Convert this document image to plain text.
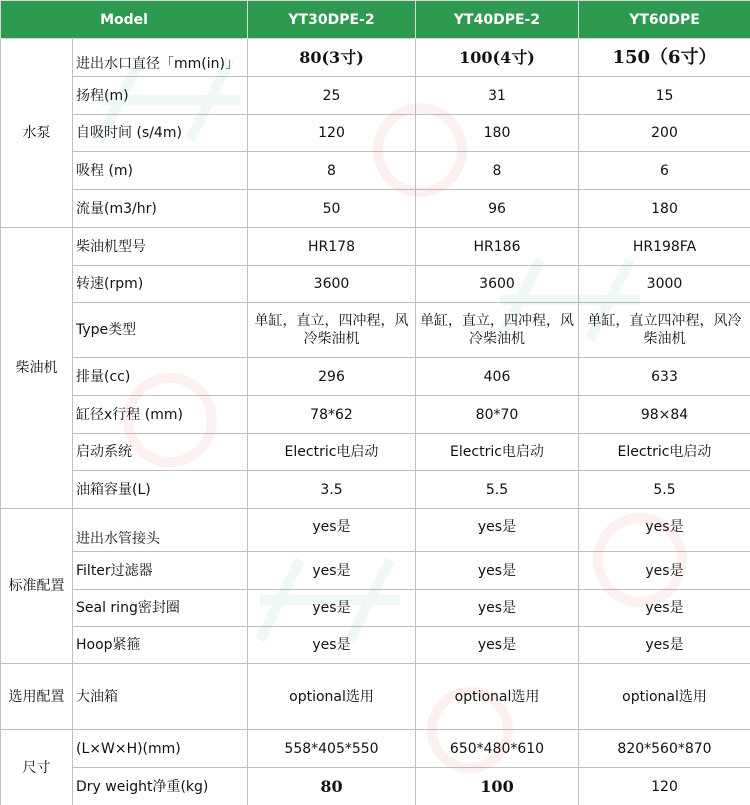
Model		YT30DPE-2	YT40DPE-2	YT60DPE
水泵	进出水口直径「mm(in)」	80(3寸)	100(4寸)	150（6寸）
	扬程(m)	25	31	15
	自吸时间 (s/4m)	120	180	200
	吸程 (m)	8	8	6
	流量(m3/hr)	50	96	180
柴油机	柴油机型号	HR178	HR186	HR198FA
	转速(rpm)	3600	3600	3000
	Type类型	单缸，直立，四冲程，风冷柴油机	单缸，直立，四冲程，风冷柴油机	单缸，直立四冲程，风冷柴油机
	排量(cc)	296	406	633
	缸径x行程 (mm)	78*62	80*70	98×84
	启动系统	Electric电启动	Electric电启动	Electric电启动
	油箱容量(L)	3.5	5.5	5.5
标准配置	进出水管接头	yes是	yes是	yes是
	Filter过滤器	yes是	yes是	yes是
	Seal ring密封圈	yes是	yes是	yes是
	Hoop紧箍	yes是	yes是	yes是
选用配置	大油箱	optional选用	optional选用	optional选用
尺寸	(L×W×H)(mm)	558*405*550	650*480*610	820*560*870
	Dry weight净重(kg)	80	100	120
